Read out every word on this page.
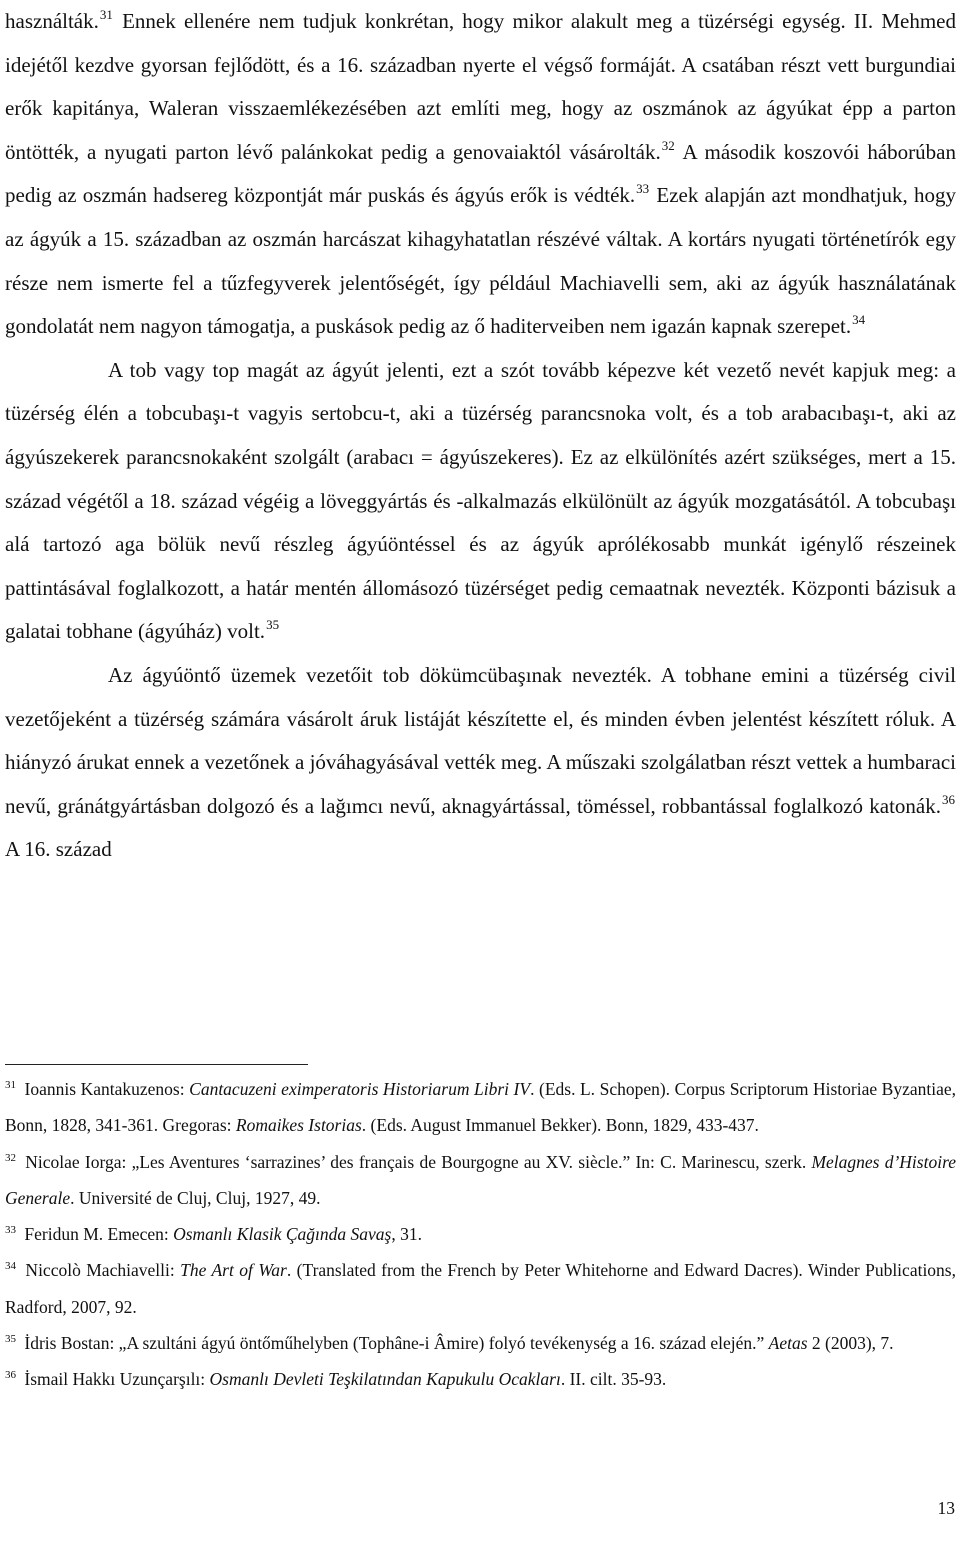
használták.$^{31}$ Ennek ellenére nem tudjuk konkrétan, hogy mikor alakult meg a tüzérségi egység. II. Mehmed idejétől kezdve gyorsan fejlődött, és a 16. században nyerte el végső formáját. A csatában részt vett burgundiai erők kapitánya, Waleran visszaemlékezésében azt említi meg, hogy az oszmánok az ágyúkat épp a parton öntötték, a nyugati parton lévő palánkokat pedig a genovaiaktól vásárolták.$^{32}$ A második koszovói háborúban pedig az oszmán hadsereg központját már puskás és ágyús erők is védték.$^{33}$ Ezek alapján azt mondhatjuk, hogy az ágyúk a 15. században az oszmán harcászat kihagyhatatlan részévé váltak. A kortárs nyugati történetírók egy része nem ismerte fel a tűzfegyverek jelentőségét, így például Machiavelli sem, aki az ágyúk használatának gondolatát nem nagyon támogatja, a puskások pedig az ő haditerveiben nem igazán kapnak szerepet.$^{34}$

A tob vagy top magát az ágyút jelenti, ezt a szót tovább képezve két vezető nevét kapjuk meg: a tüzérség élén a tobcubaşı-t vagyis sertobcu-t, aki a tüzérség parancsnoka volt, és a tob arabacıbaşı-t, aki az ágyúszekerek parancsnokaként szolgált (arabacı = ágyúszekeres). Ez az elkülönítés azért szükséges, mert a 15. század végétől a 18. század végéig a löveggyártás és -alkalmazás elkülönült az ágyúk mozgatásától. A tobcubaşı alá tartozó aga bölük nevű részleg ágyúöntéssel és az ágyúk aprólékosabb munkát igénylő részeinek pattintásával foglalkozott, a határ mentén állomásozó tüzérséget pedig cemaatnak nevezték. Központi bázisuk a galatai tobhane (ágyúház) volt.$^{35}$

Az ágyúöntő üzemek vezetőit tob dökümcübaşınak nevezték. A tobhane emini a tüzérség civil vezetőjeként a tüzérség számára vásárolt áruk listáját készítette el, és minden évben jelentést készített róluk. A hiányzó árukat ennek a vezetőnek a jóváhagyásával vették meg. A műszaki szolgálatban részt vettek a humbaraci nevű, gránátgyártásban dolgozó és a lağımcı nevű, aknagyártással, töméssel, robbantással foglalkozó katonák.$^{36}$ A 16. század

$^{31}$ Ioannis Kantakuzenos: Cantacuzeni eximperatoris Historiarum Libri IV. (Eds. L. Schopen). Corpus Scriptorum Historiae Byzantiae, Bonn, 1828, 341-361. Gregoras: Romaikes Istorias. (Eds. August Immanuel Bekker). Bonn, 1829, 433-437.

$^{32}$ Nicolae Iorga: „Les Aventures ‘sarrazines’ des français de Bourgogne au XV. siècle.” In: C. Marinescu, szerk. Melagnes d’Histoire Generale. Université de Cluj, Cluj, 1927, 49.

$^{33}$ Feridun M. Emecen: Osmanlı Klasik Çağında Savaş, 31.

$^{34}$ Niccolò Machiavelli: The Art of War. (Translated from the French by Peter Whitehorne and Edward Dacres). Winder Publications, Radford, 2007, 92.

$^{35}$ İdris Bostan: „A szultáni ágyú öntőműhelyben (Tophâne-i Âmire) folyó tevékenység a 16. század elején.” Aetas 2 (2003), 7.

$^{36}$ İsmail Hakkı Uzunçarşılı: Osmanlı Devleti Teşkilatından Kapukulu Ocakları. II. cilt. 35-93.

13
